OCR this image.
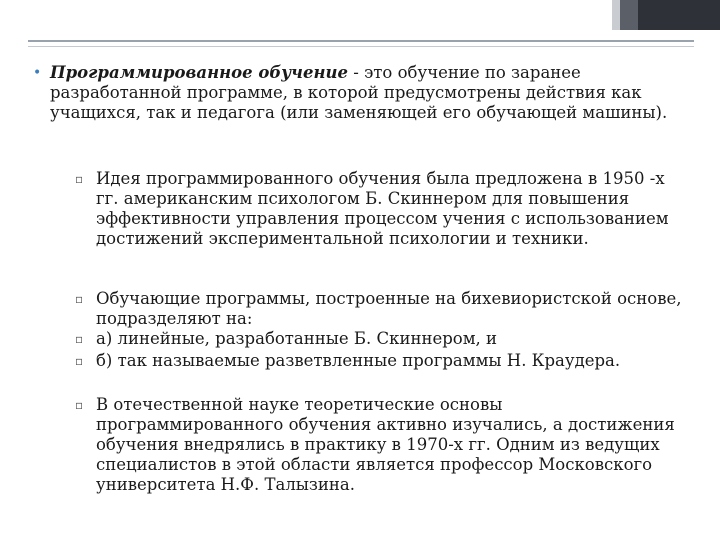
• Программированное обучение - это обучение по заранее разработанной программе, в которой предусмотрены действия как учащихся, так и педагога (или заменяющей его обучающей машины).
▫ Идея программированного обучения была предложена в 1950 -х гг. американским психологом Б. Скиннером для повышения эффективности управления процессом учения с использованием достижений экспериментальной психологии и техники.
▫ Обучающие программы, построенные на бихевиористской основе, подразделяют на:
▫ а) линейные, разработанные Б. Скиннером, и
▫ б) так называемые разветвленные программы Н. Краудера.
▫ В отечественной науке теоретические основы программированного обучения активно изучались, а достижения обучения внедрялись в практику в 1970-х гг. Одним из ведущих специалистов в этой области является профессор Московского университета Н.Ф. Талызина.
